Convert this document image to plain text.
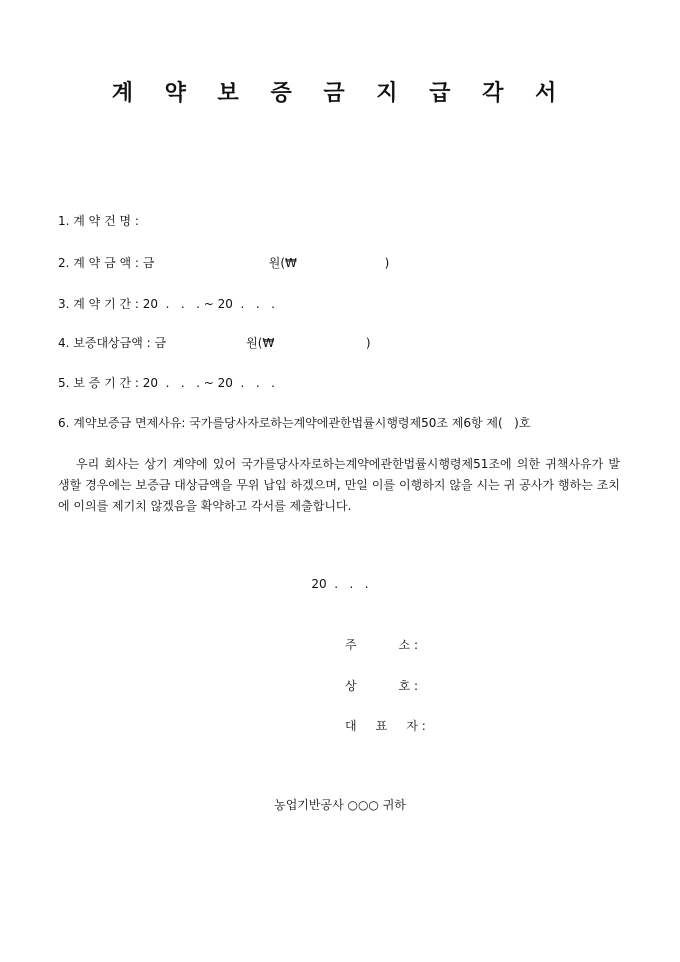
계 약 보 증 금 지 급 각 서
1. 계 약 건 명 :
2. 계 약 금 액 : 금                              원(₩                       )
3. 계 약 기 간 : 20  .   .   . ~ 20  .   .   .
4. 보증대상금액 : 금                     원(₩                        )
5. 보 증 기 간 : 20  .   .   . ~ 20  .   .   .
6. 계약보증금 면제사유: 국가를당사자로하는계약에관한법률시행령제50조 제6항 제(   )호

우리 회사는 상기 계약에 있어 국가를당사자로하는계약에관한법률시행령제51조에 의한 귀책사유가 발생할 경우에는 보증금 대상금액을 무위 납입 하겠으며, 만일 이를 이행하지 않을 시는 귀 공사가 행하는 조치에 이의를 제기치 않겠음을 확약하고 각서를 제출합니다.

20  .   .   .
주           소 :
상           호 :
대     표     자 :
농업기반공사 ○○○ 귀하
